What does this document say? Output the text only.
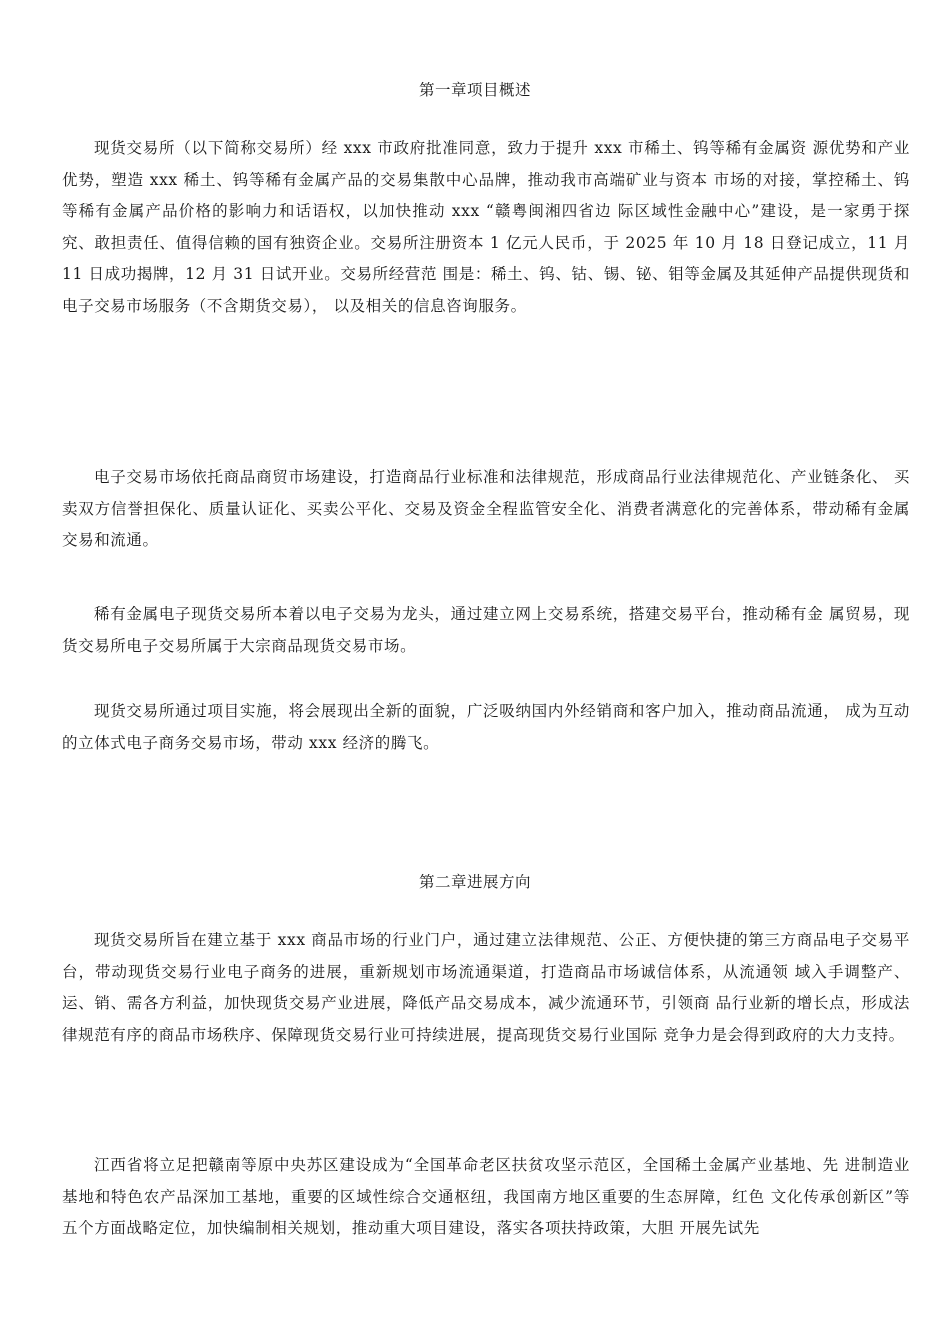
第一章项目概述

现货交易所（以下简称交易所）经 xxx 市政府批准同意，致力于提升 xxx 市稀土、钨等稀有金属资 源优势和产业优势，塑造 xxx 稀土、钨等稀有金属产品的交易集散中心品牌，推动我市高端矿业与资本 市场的对接，掌控稀土、钨等稀有金属产品价格的影响力和话语权，以加快推动 xxx “赣粤闽湘四省边 际区域性金融中心”建设，是一家勇于探究、敢担责任、值得信赖的国有独资企业。交易所注册资本 1 亿元人民币，于 2025 年 10 月 18 日登记成立，11 月 11 日成功揭牌，12 月 31 日试开业。交易所经营范 围是：稀土、钨、钴、锡、铋、钼等金属及其延伸产品提供现货和电子交易市场服务（不含期货交易）， 以及相关的信息咨询服务。

电子交易市场依托商品商贸市场建设，打造商品行业标准和法律规范，形成商品行业法律规范化、产业链条化、 买卖双方信誉担保化、质量认证化、买卖公平化、交易及资金全程监管安全化、消费者满意化的完善体系，带动稀有金属交易和流通。

稀有金属电子现货交易所本着以电子交易为龙头，通过建立网上交易系统，搭建交易平台，推动稀有金 属贸易，现货交易所电子交易所属于大宗商品现货交易市场。

现货交易所通过项目实施，将会展现出全新的面貌，广泛吸纳国内外经销商和客户加入，推动商品流通， 成为互动的立体式电子商务交易市场，带动 xxx 经济的腾飞。

第二章进展方向

现货交易所旨在建立基于 xxx 商品市场的行业门户，通过建立法律规范、公正、方便快捷的第三方商品电子交易平台，带动现货交易行业电子商务的进展，重新规划市场流通渠道，打造商品市场诚信体系，从流通领 域入手调整产、运、销、需各方利益，加快现货交易产业进展，降低产品交易成本，减少流通环节，引领商 品行业新的增长点，形成法律规范有序的商品市场秩序、保障现货交易行业可持续进展，提高现货交易行业国际 竞争力是会得到政府的大力支持。

江西省将立足把赣南等原中央苏区建设成为“全国革命老区扶贫攻坚示范区，全国稀土金属产业基地、先 进制造业基地和特色农产品深加工基地，重要的区域性综合交通枢纽，我国南方地区重要的生态屏障，红色 文化传承创新区”等五个方面战略定位，加快编制相关规划，推动重大项目建设，落实各项扶持政策，大胆 开展先试先
